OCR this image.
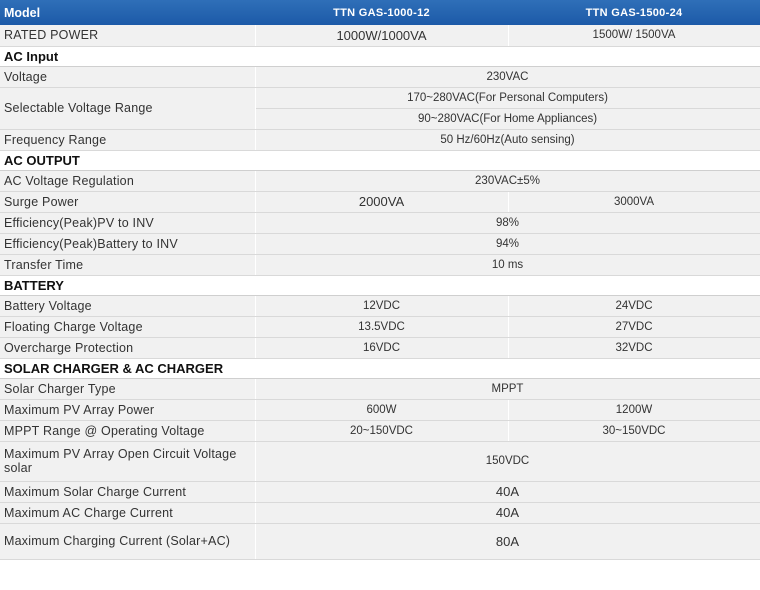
Model	TTN GAS-1000-12	TTN GAS-1500-24
RATED POWER	1000W/1000VA	1500W/ 1500VA
AC Input		
Voltage	230VAC	
Selectable Voltage Range	170~280VAC(For Personal Computers)	
	90~280VAC(For Home Appliances)	
Frequency Range	50 Hz/60Hz(Auto sensing)	
AC OUTPUT		
AC Voltage Regulation	230VAC±5%	
Surge Power	2000VA	3000VA
Efficiency(Peak)PV to INV	98%	
Efficiency(Peak)Battery to INV	94%	
Transfer Time	10 ms	
BATTERY		
Battery Voltage	12VDC	24VDC
Floating Charge Voltage	13.5VDC	27VDC
Overcharge Protection	16VDC	32VDC
SOLAR CHARGER & AC CHARGER		
Solar Charger Type	MPPT	
Maximum PV Array Power	600W	1200W
MPPT Range @ Operating Voltage	20~150VDC	30~150VDC
Maximum PV Array Open Circuit Voltage solar	150VDC	
Maximum Solar Charge Current	40A	
Maximum AC Charge Current	40A	
Maximum Charging Current (Solar+AC)	80A	
